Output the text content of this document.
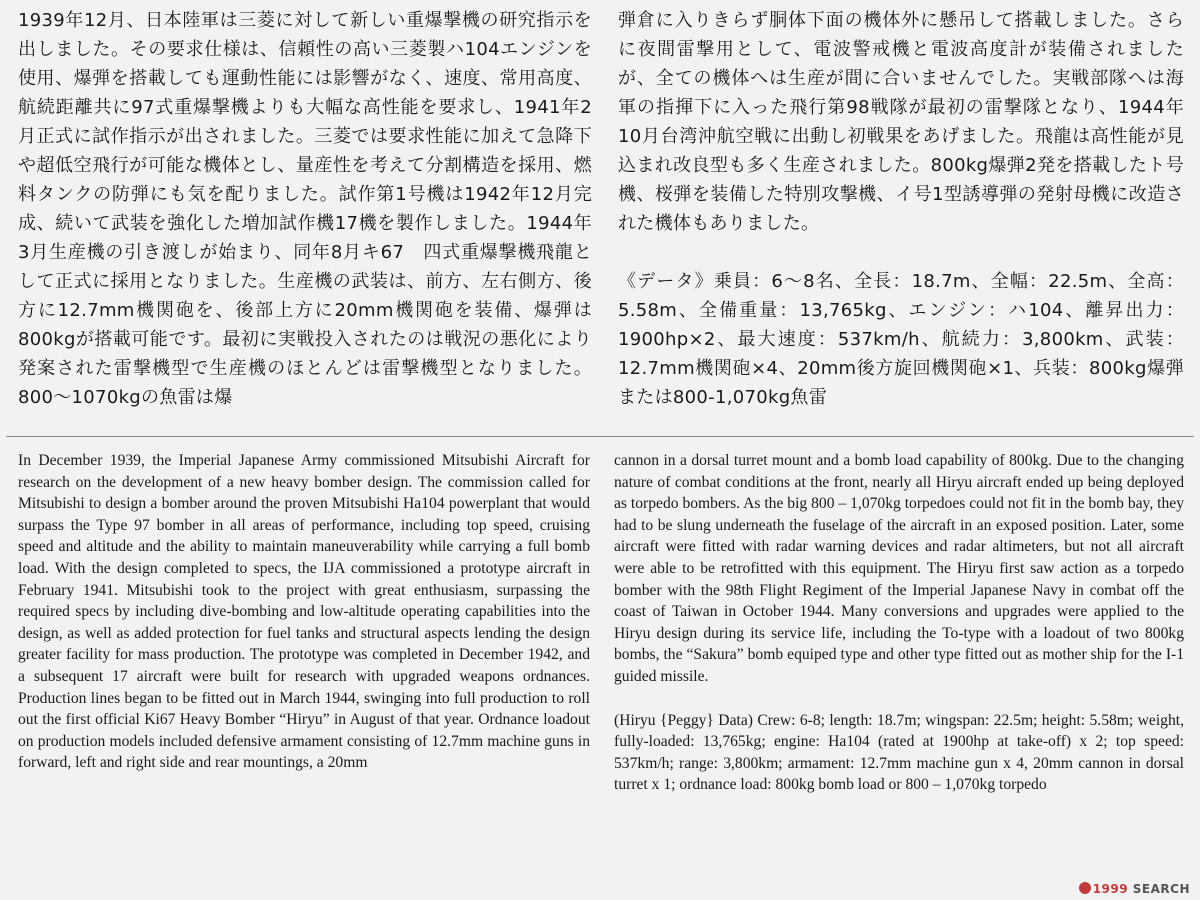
1939年12月、日本陸軍は三菱に対して新しい重爆撃機の研究指示を出しました。その要求仕様は、信頼性の高い三菱製ハ104エンジンを使用、爆弾を搭載しても運動性能には影響がなく、速度、常用高度、航続距離共に97式重爆撃機よりも大幅な高性能を要求し、1941年2月正式に試作指示が出されました。三菱では要求性能に加えて急降下や超低空飛行が可能な機体とし、量産性を考えて分割構造を採用、燃料タンクの防弾にも気を配りました。試作第1号機は1942年12月完成、続いて武装を強化した増加試作機17機を製作しました。1944年3月生産機の引き渡しが始まり、同年8月キ67　四式重爆撃機飛龍として正式に採用となりました。生産機の武装は、前方、左右側方、後方に12.7mm機関砲を、後部上方に20mm機関砲を装備、爆弾は800kgが搭載可能です。最初に実戦投入されたのは戦況の悪化により発案された雷撃機型で生産機のほとんどは雷撃機型となりました。800〜1070kgの魚雷は爆

弾倉に入りきらず胴体下面の機体外に懸吊して搭載しました。さらに夜間雷撃用として、電波警戒機と電波高度計が装備されましたが、全ての機体へは生産が間に合いませんでした。実戦部隊へは海軍の指揮下に入った飛行第98戦隊が最初の雷撃隊となり、1944年10月台湾沖航空戦に出動し初戦果をあげました。飛龍は高性能が見込まれ改良型も多く生産されました。800kg爆弾2発を搭載したト号機、桜弾を装備した特別攻撃機、イ号1型誘導弾の発射母機に改造された機体もありました。

《データ》乗員：6〜8名、全長：18.7m、全幅：22.5m、全高：5.58m、全備重量：13,765kg、エンジン：ハ104、離昇出力：1900hp×2、最大速度：537km/h、航続力：3,800km、武装：12.7mm機関砲×4、20mm後方旋回機関砲×1、兵装：800kg爆弾または800-1,070kg魚雷

In December 1939, the Imperial Japanese Army commissioned Mitsubishi Aircraft for research on the development of a new heavy bomber design. The commission called for Mitsubishi to design a bomber around the proven Mitsubishi Ha104 powerplant that would surpass the Type 97 bomber in all areas of performance, including top speed, cruising speed and altitude and the ability to maintain maneuverability while carrying a full bomb load. With the design completed to specs, the IJA commissioned a prototype aircraft in February 1941. Mitsubishi took to the project with great enthusiasm, surpassing the required specs by including dive-bombing and low-altitude operating capabilities into the design, as well as added protection for fuel tanks and structural aspects lending the design greater facility for mass production. The prototype was completed in December 1942, and a subsequent 17 aircraft were built for research with upgraded weapons ordnances. Production lines began to be fitted out in March 1944, swinging into full production to roll out the first official Ki67 Heavy Bomber “Hiryu” in August of that year. Ordnance loadout on production models included defensive armament consisting of 12.7mm machine guns in forward, left and right side and rear mountings, a 20mm

cannon in a dorsal turret mount and a bomb load capability of 800kg. Due to the changing nature of combat conditions at the front, nearly all Hiryu aircraft ended up being deployed as torpedo bombers. As the big 800 – 1,070kg torpedoes could not fit in the bomb bay, they had to be slung underneath the fuselage of the aircraft in an exposed position. Later, some aircraft were fitted with radar warning devices and radar altimeters, but not all aircraft were able to be retrofitted with this equipment. The Hiryu first saw action as a torpedo bomber with the 98th Flight Regiment of the Imperial Japanese Navy in combat off the coast of Taiwan in October 1944. Many conversions and upgrades were applied to the Hiryu design during its service life, including the To-type with a loadout of two 800kg bombs, the “Sakura” bomb equiped type and other type fitted out as mother ship for the I-1 guided missile.

(Hiryu {Peggy} Data) Crew: 6-8; length: 18.7m; wingspan: 22.5m; height: 5.58m; weight, fully-loaded: 13,765kg; engine: Ha104 (rated at 1900hp at take-off) x 2; top speed: 537km/h; range: 3,800km; armament: 12.7mm machine gun x 4, 20mm cannon in dorsal turret x 1; ordnance load: 800kg bomb load or 800 – 1,070kg torpedo

1999 SEARCH
